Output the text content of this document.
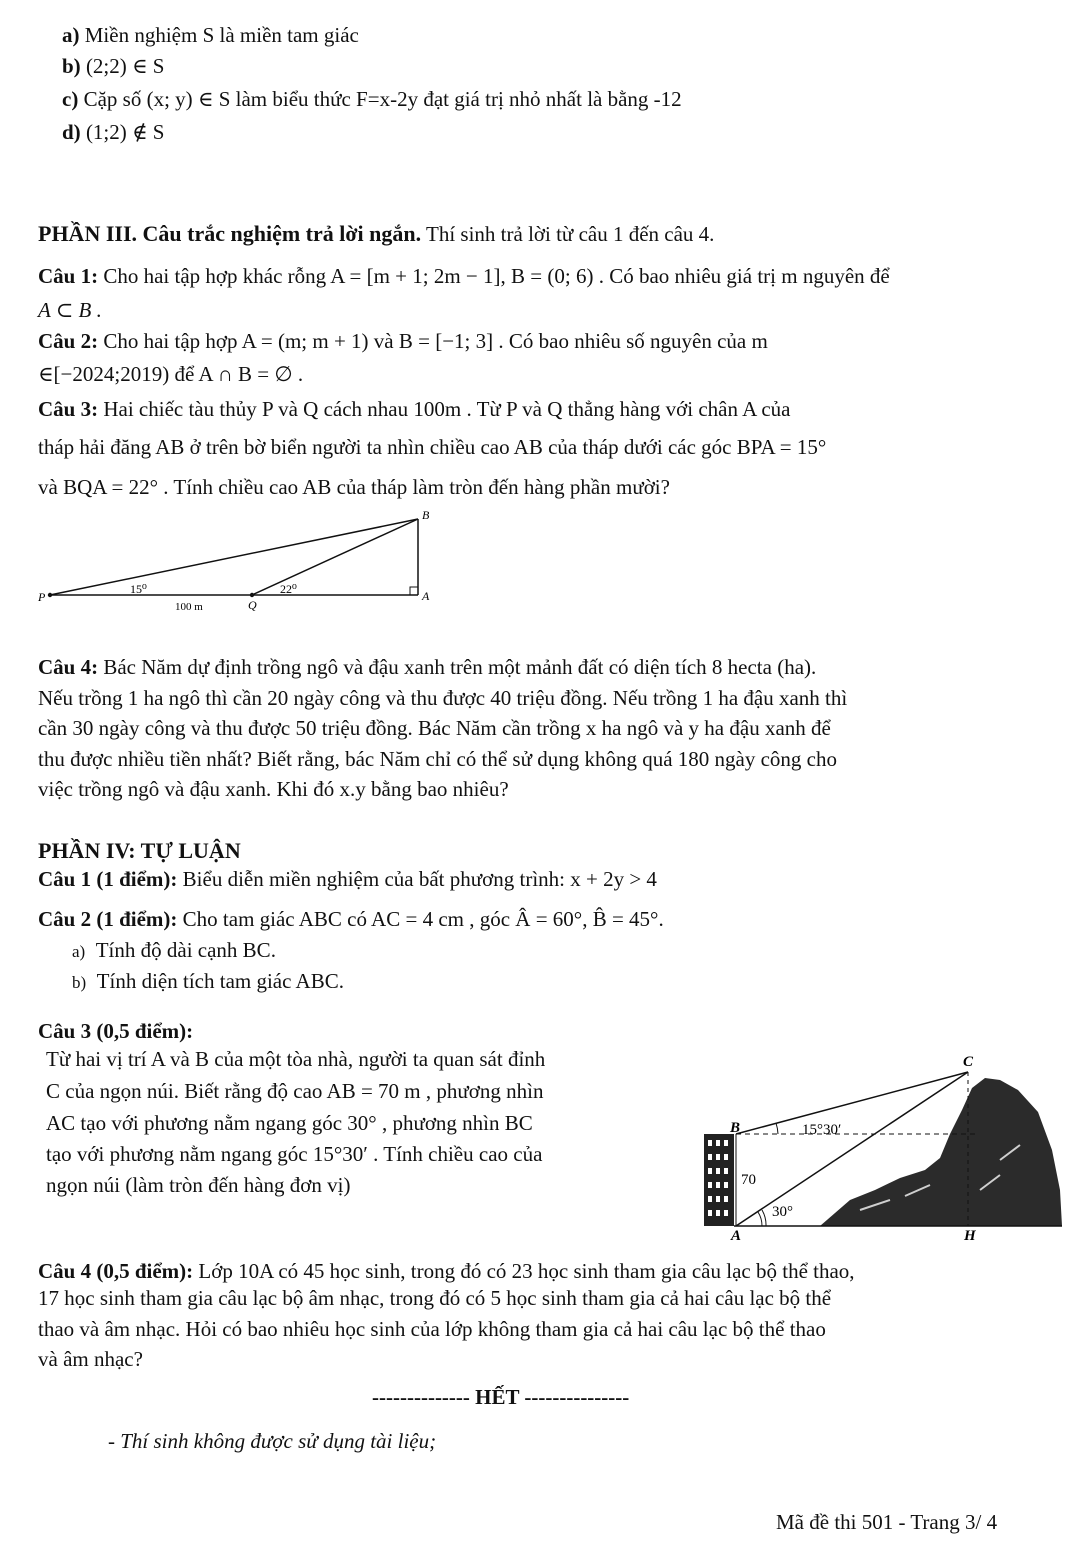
a) Miền nghiệm S là miền tam giác
b) (2;2) ∈ S
c) Cặp số (x; y) ∈ S làm biểu thức F=x-2y đạt giá trị nhỏ nhất là bằng -12
d) (1;2) ∉ S
PHẦN III. Câu trắc nghiệm trả lời ngắn. Thí sinh trả lời từ câu 1 đến câu 4.
Câu 1: Cho hai tập hợp khác rỗng A = [m + 1; 2m − 1], B = (0; 6) . Có bao nhiêu giá trị m nguyên để
A ⊂ B .
Câu 2: Cho hai tập hợp A = (m; m + 1) và B = [−1; 3] . Có bao nhiêu số nguyên của m
∈[−2024;2019) để A ∩ B = ∅ .
Câu 3: Hai chiếc tàu thủy P và Q cách nhau 100m . Từ P và Q thẳng hàng với chân A của
tháp hải đăng AB ở trên bờ biển người ta nhìn chiều cao AB của tháp dưới các góc BPA = 15°
và BQA = 22° . Tính chiều cao AB của tháp làm tròn đến hàng phần mười?
B
P
Q
A
15⁰	22⁰
100 m
Câu 4: Bác Năm dự định trồng ngô và đậu xanh trên một mảnh đất có diện tích 8 hecta (ha).
Nếu trồng 1 ha ngô thì cần 20 ngày công và thu được 40 triệu đồng. Nếu trồng 1 ha đậu xanh thì
cần 30 ngày công và thu được 50 triệu đồng. Bác Năm cần trồng x ha ngô và y ha đậu xanh để
thu được nhiều tiền nhất? Biết rằng, bác Năm chỉ có thể sử dụng không quá 180 ngày công cho
việc trồng ngô và đậu xanh. Khi đó x.y bằng bao nhiêu?
PHẦN IV: TỰ LUẬN
Câu 1 (1 điểm): Biểu diễn miền nghiệm của bất phương trình: x + 2y > 4
Câu 2 (1 điểm): Cho tam giác ABC có AC = 4 cm , góc Â = 60°, B̂ = 45°.
a) Tính độ dài cạnh BC.
b) Tính diện tích tam giác ABC.
Câu 3 (0,5 điểm):
Từ hai vị trí A và B của một tòa nhà, người ta quan sát đỉnh
C của ngọn núi. Biết rằng độ cao AB = 70 m , phương nhìn
AC tạo với phương nằm ngang góc 30° , phương nhìn BC
tạo với phương nằm ngang góc 15°30′ . Tính chiều cao của
ngọn núi (làm tròn đến hàng đơn vị)
C
B
A	H
15°30′
30°
70
Câu 4 (0,5 điểm): Lớp 10A có 45 học sinh, trong đó có 23 học sinh tham gia câu lạc bộ thể thao,
17 học sinh tham gia câu lạc bộ âm nhạc, trong đó có 5 học sinh tham gia cả hai câu lạc bộ thể
thao và âm nhạc. Hỏi có bao nhiêu học sinh của lớp không tham gia cả hai câu lạc bộ thể thao
và âm nhạc?
-------------- HẾT ---------------
- Thí sinh không được sử dụng tài liệu;
Mã đề thi 501 - Trang 3/ 4
